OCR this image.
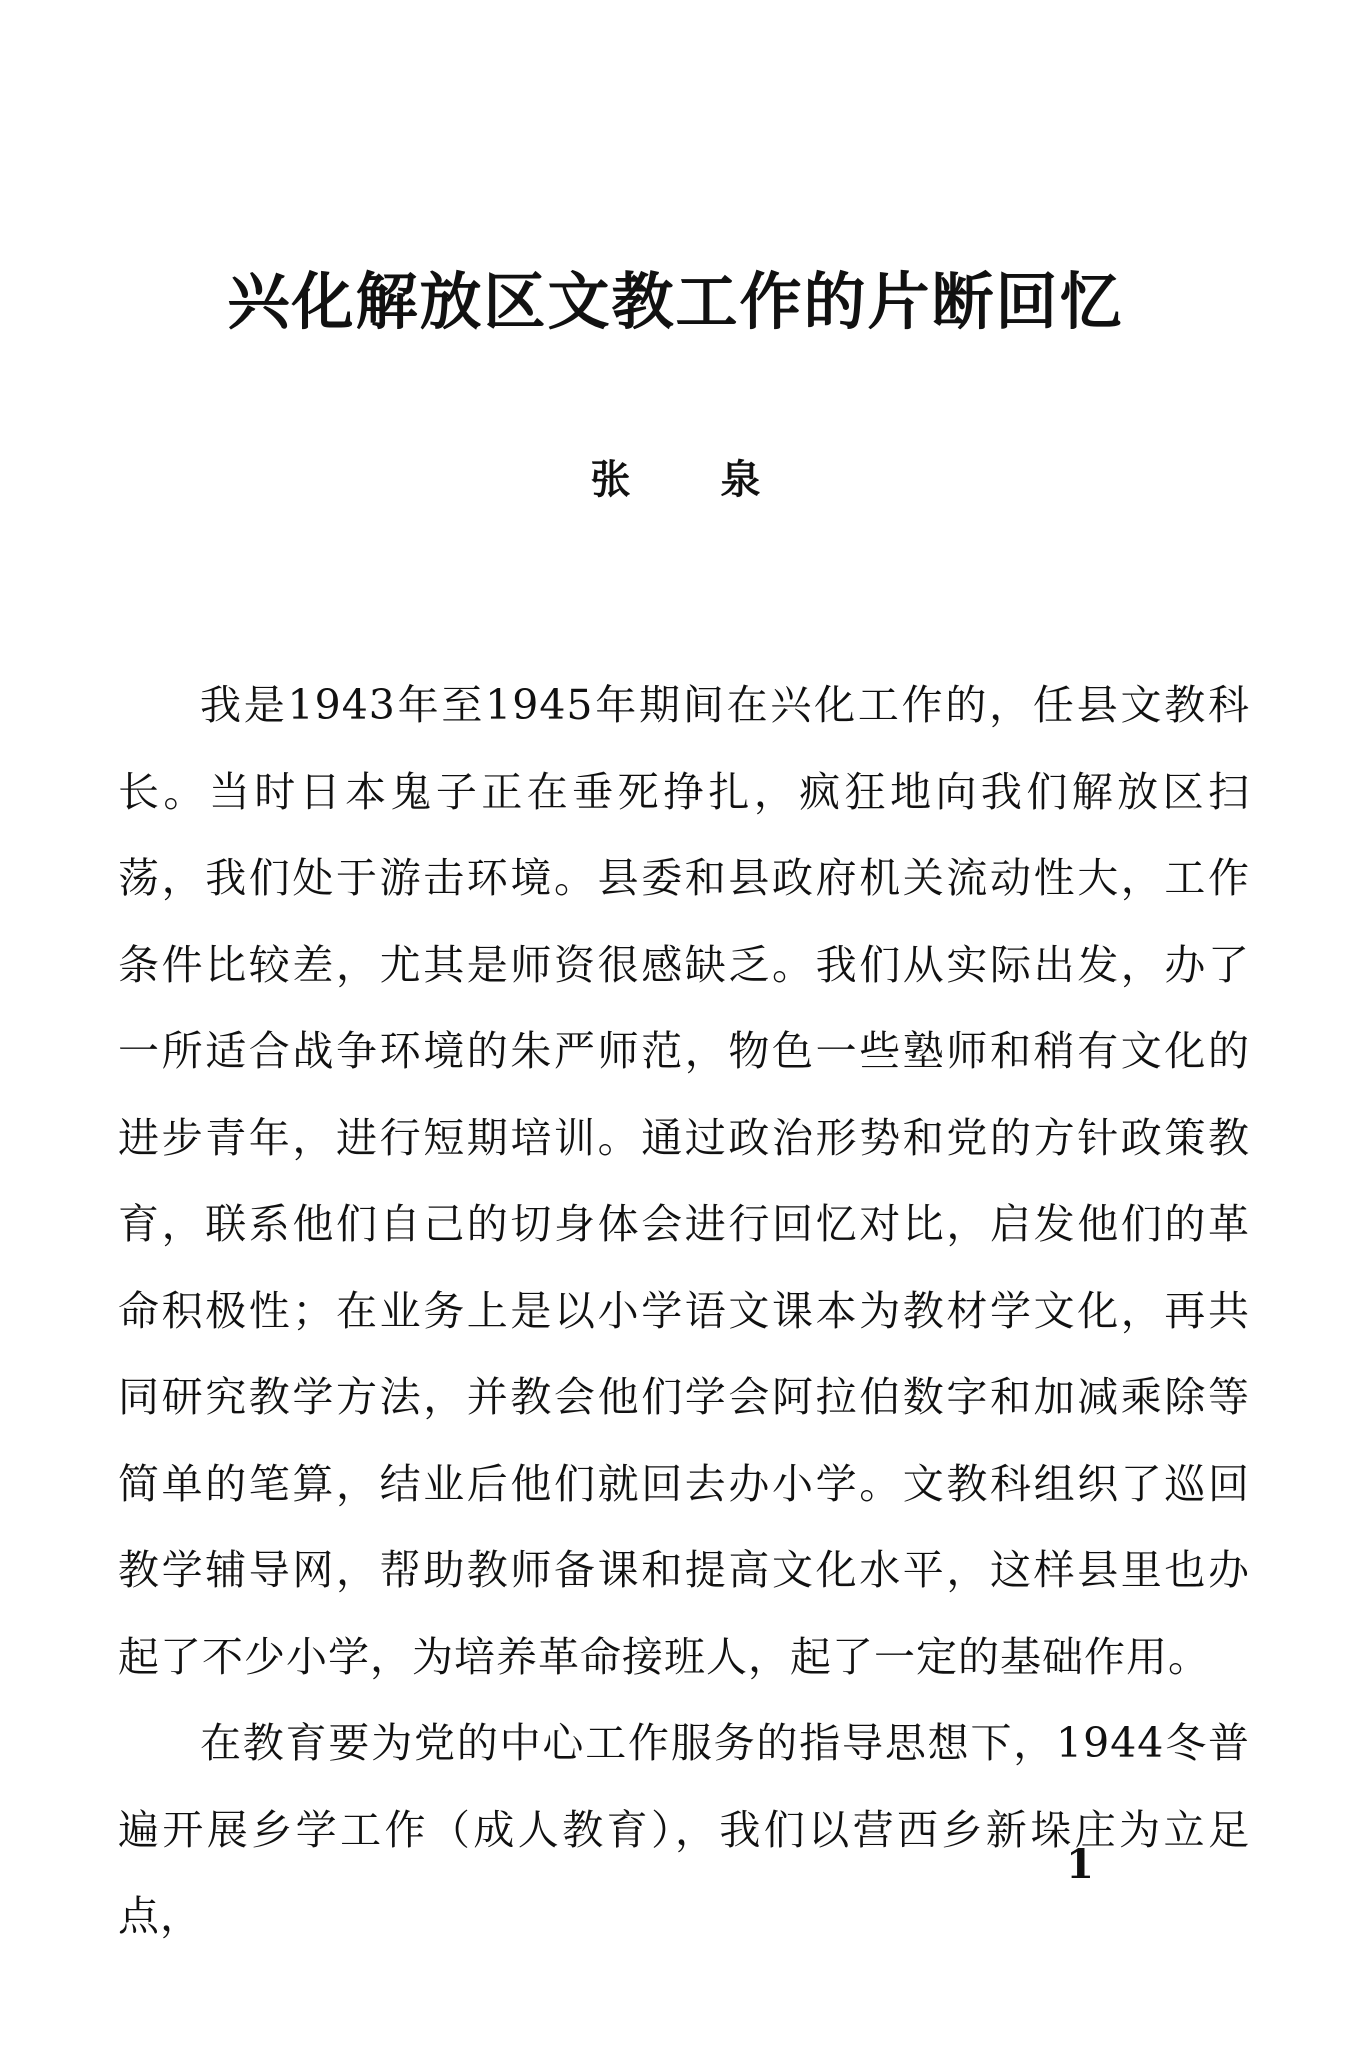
兴化解放区文教工作的片断回忆
张泉

我是1943年至1945年期间在兴化工作的，任县文教科长。当时日本鬼子正在垂死挣扎，疯狂地向我们解放区扫荡，我们处于游击环境。县委和县政府机关流动性大，工作条件比较差，尤其是师资很感缺乏。我们从实际出发，办了一所适合战争环境的朱严师范，物色一些塾师和稍有文化的进步青年，进行短期培训。通过政治形势和党的方针政策教育，联系他们自己的切身体会进行回忆对比，启发他们的革命积极性；在业务上是以小学语文课本为教材学文化，再共同研究教学方法，并教会他们学会阿拉伯数字和加减乘除等简单的笔算，结业后他们就回去办小学。文教科组织了巡回教学辅导网，帮助教师备课和提高文化水平，这样县里也办起了不少小学，为培养革命接班人，起了一定的基础作用。

在教育要为党的中心工作服务的指导思想下，1944冬普遍开展乡学工作（成人教育），我们以营西乡新垛庄为立足点，

1
